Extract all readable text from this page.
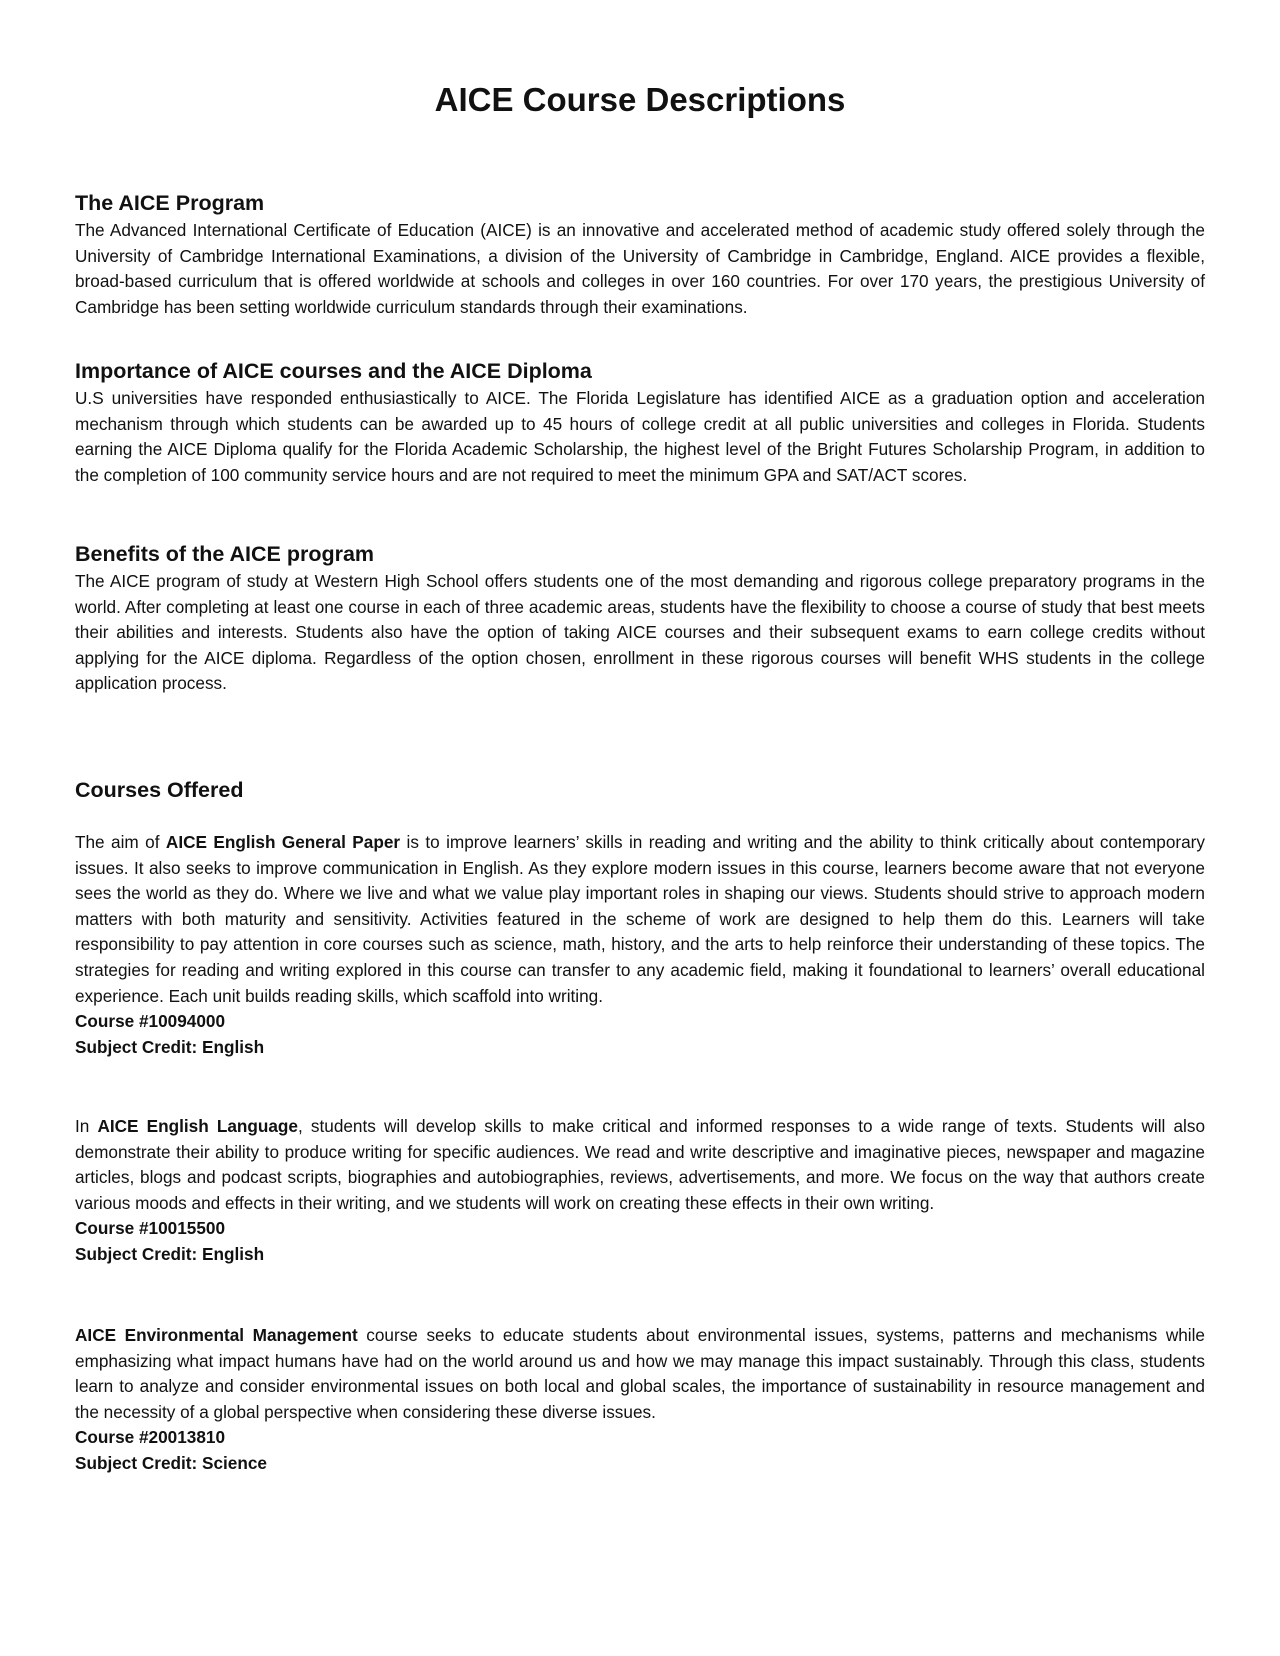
AICE Course Descriptions
The AICE Program

The Advanced International Certificate of Education (AICE) is an innovative and accelerated method of academic study offered solely through the University of Cambridge International Examinations, a division of the University of Cambridge in Cambridge, England. AICE provides a flexible, broad-based curriculum that is offered worldwide at schools and colleges in over 160 countries. For over 170 years, the prestigious University of Cambridge has been setting worldwide curriculum standards through their examinations.

Importance of AICE courses and the AICE Diploma

U.S universities have responded enthusiastically to AICE. The Florida Legislature has identified AICE as a graduation option and acceleration mechanism through which students can be awarded up to 45 hours of college credit at all public universities and colleges in Florida. Students earning the AICE Diploma qualify for the Florida Academic Scholarship, the highest level of the Bright Futures Scholarship Program, in addition to the completion of 100 community service hours and are not required to meet the minimum GPA and SAT/ACT scores.

Benefits of the AICE program

The AICE program of study at Western High School offers students one of the most demanding and rigorous college preparatory programs in the world. After completing at least one course in each of three academic areas, students have the flexibility to choose a course of study that best meets their abilities and interests. Students also have the option of taking AICE courses and their subsequent exams to earn college credits without applying for the AICE diploma. Regardless of the option chosen, enrollment in these rigorous courses will benefit WHS students in the college application process.

Courses Offered

The aim of AICE English General Paper is to improve learners’ skills in reading and writing and the ability to think critically about contemporary issues. It also seeks to improve communication in English. As they explore modern issues in this course, learners become aware that not everyone sees the world as they do. Where we live and what we value play important roles in shaping our views. Students should strive to approach modern matters with both maturity and sensitivity. Activities featured in the scheme of work are designed to help them do this. Learners will take responsibility to pay attention in core courses such as science, math, history, and the arts to help reinforce their understanding of these topics. The strategies for reading and writing explored in this course can transfer to any academic field, making it foundational to learners’ overall educational experience. Each unit builds reading skills, which scaffold into writing.

Course #10094000

Subject Credit: English

In AICE English Language, students will develop skills to make critical and informed responses to a wide range of texts. Students will also demonstrate their ability to produce writing for specific audiences. We read and write descriptive and imaginative pieces, newspaper and magazine articles, blogs and podcast scripts, biographies and autobiographies, reviews, advertisements, and more. We focus on the way that authors create various moods and effects in their writing, and we students will work on creating these effects in their own writing.

Course #10015500

Subject Credit: English

AICE Environmental Management course seeks to educate students about environmental issues, systems, patterns and mechanisms while emphasizing what impact humans have had on the world around us and how we may manage this impact sustainably. Through this class, students learn to analyze and consider environmental issues on both local and global scales, the importance of sustainability in resource management and the necessity of a global perspective when considering these diverse issues.

Course #20013810

Subject Credit: Science
